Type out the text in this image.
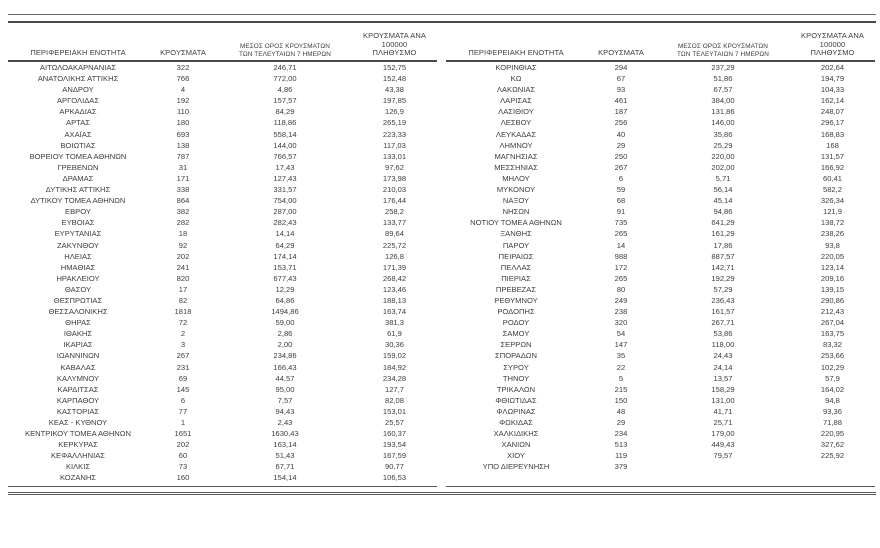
ΠΕΡΙΦΕΡΕΙΑΚΗ ΕΝΟΤΗΤΑ	ΚΡΟΥΣΜΑΤΑ
ΜΕΣΟΣ ΟΡΟΣ ΚΡΟΥΣΜΑΤΩΝ
ΤΩΝ ΤΕΛΕΥΤΑΙΩΝ 7 ΗΜΕΡΩΝ
ΚΡΟΥΣΜΑΤΑ ΑΝΑ 100000
ΠΛΗΘΥΣΜΟ
ΑΙΤΩΛΟΑΚΑΡΝΑΝΙΑΣ	322	246,71	152,75
ΑΝΑΤΟΛΙΚΗΣ ΑΤΤΙΚΗΣ	766	772,00	152,48
ΑΝΔΡΟΥ	4	4,86	43,38
ΑΡΓΟΛΙΔΑΣ	192	157,57	197,85
ΑΡΚΑΔΙΑΣ	110	84,29	126,9
ΑΡΤΑΣ	180	118,86	265,19
ΑΧΑΪΑΣ	693	558,14	223,33
ΒΟΙΩΤΙΑΣ	138	144,00	117,03
ΒΟΡΕΙΟΥ ΤΟΜΕΑ ΑΘΗΝΩΝ	787	766,57	133,01
ΓΡΕΒΕΝΩΝ	31	17,43	97,62
ΔΡΑΜΑΣ	171	127,43	173,98
ΔΥΤΙΚΗΣ ΑΤΤΙΚΗΣ	338	331,57	210,03
ΔΥΤΙΚΟΥ ΤΟΜΕΑ ΑΘΗΝΩΝ	864	754,00	176,44
ΕΒΡΟΥ	382	287,00	258,2
ΕΥΒΟΙΑΣ	282	282,43	133,77
ΕΥΡΥΤΑΝΙΑΣ	18	14,14	89,64
ΖΑΚΥΝΘΟΥ	92	64,29	225,72
ΗΛΕΙΑΣ	202	174,14	126,8
ΗΜΑΘΙΑΣ	241	153,71	171,39
ΗΡΑΚΛΕΙΟΥ	820	677,43	268,42
ΘΑΣΟΥ	17	12,29	123,46
ΘΕΣΠΡΩΤΙΑΣ	82	64,86	188,13
ΘΕΣΣΑΛΟΝΙΚΗΣ	1818	1494,86	163,74
ΘΗΡΑΣ	72	59,00	381,3
ΙΘΑΚΗΣ	2	2,86	61,9
ΙΚΑΡΙΑΣ	3	2,00	30,36
ΙΩΑΝΝΙΝΩΝ	267	234,86	159,02
ΚΑΒΑΛΑΣ	231	166,43	184,92
ΚΑΛΥΜΝΟΥ	69	44,57	234,28
ΚΑΡΔΙΤΣΑΣ	145	95,00	127,7
ΚΑΡΠΑΘΟΥ	6	7,57	82,08
ΚΑΣΤΟΡΙΑΣ	77	94,43	153,01
ΚΕΑΣ - ΚΥΘΝΟΥ	1	2,43	25,57
ΚΕΝΤΡΙΚΟΥ ΤΟΜΕΑ ΑΘΗΝΩΝ	1651	1630,43	160,37
ΚΕΡΚΥΡΑΣ	202	163,14	193,54
ΚΕΦΑΛΛΗΝΙΑΣ	60	51,43	167,59
ΚΙΛΚΙΣ	73	67,71	90,77
ΚΟΖΑΝΗΣ	160	154,14	106,53
ΠΕΡΙΦΕΡΕΙΑΚΗ ΕΝΟΤΗΤΑ	ΚΡΟΥΣΜΑΤΑ
ΜΕΣΟΣ ΟΡΟΣ ΚΡΟΥΣΜΑΤΩΝ
ΤΩΝ ΤΕΛΕΥΤΑΙΩΝ 7 ΗΜΕΡΩΝ
ΚΡΟΥΣΜΑΤΑ ΑΝΑ 100000
ΠΛΗΘΥΣΜΟ
ΚΟΡΙΝΘΙΑΣ	294	237,29	202,64
ΚΩ	67	51,86	194,79
ΛΑΚΩΝΙΑΣ	93	67,57	104,33
ΛΑΡΙΣΑΣ	461	384,00	162,14
ΛΑΣΙΘΙΟΥ	187	131,86	248,07
ΛΕΣΒΟΥ	256	146,00	296,17
ΛΕΥΚΑΔΑΣ	40	35,86	168,83
ΛΗΜΝΟΥ	29	25,29	168
ΜΑΓΝΗΣΙΑΣ	250	220,00	131,57
ΜΕΣΣΗΝΙΑΣ	267	202,00	166,92
ΜΗΛΟΥ	6	5,71	60,41
ΜΥΚΟΝΟΥ	59	56,14	582,2
ΝΑΞΟΥ	68	45,14	326,34
ΝΗΣΩΝ	91	94,86	121,9
ΝΟΤΙΟΥ ΤΟΜΕΑ ΑΘΗΝΩΝ	735	641,29	138,72
ΞΑΝΘΗΣ	265	161,29	238,26
ΠΑΡΟΥ	14	17,86	93,8
ΠΕΙΡΑΙΩΣ	988	887,57	220,05
ΠΕΛΛΑΣ	172	142,71	123,14
ΠΙΕΡΙΑΣ	265	192,29	209,16
ΠΡΕΒΕΖΑΣ	80	57,29	139,15
ΡΕΘΥΜΝΟΥ	249	236,43	290,86
ΡΟΔΟΠΗΣ	238	161,57	212,43
ΡΟΔΟΥ	320	267,71	267,04
ΣΑΜΟΥ	54	53,86	163,75
ΣΕΡΡΩΝ	147	118,00	83,32
ΣΠΟΡΑΔΩΝ	35	24,43	253,66
ΣΥΡΟΥ	22	24,14	102,29
ΤΗΝΟΥ	5	13,57	57,9
ΤΡΙΚΑΛΩΝ	215	158,29	164,02
ΦΘΙΩΤΙΔΑΣ	150	131,00	94,8
ΦΛΩΡΙΝΑΣ	48	41,71	93,36
ΦΩΚΙΔΑΣ	29	25,71	71,88
ΧΑΛΚΙΔΙΚΗΣ	234	179,00	220,95
ΧΑΝΙΩΝ	513	449,43	327,62
ΧΙΟΥ	119	79,57	225,92
ΥΠΟ ΔΙΕΡΕΥΝΗΣΗ	379
